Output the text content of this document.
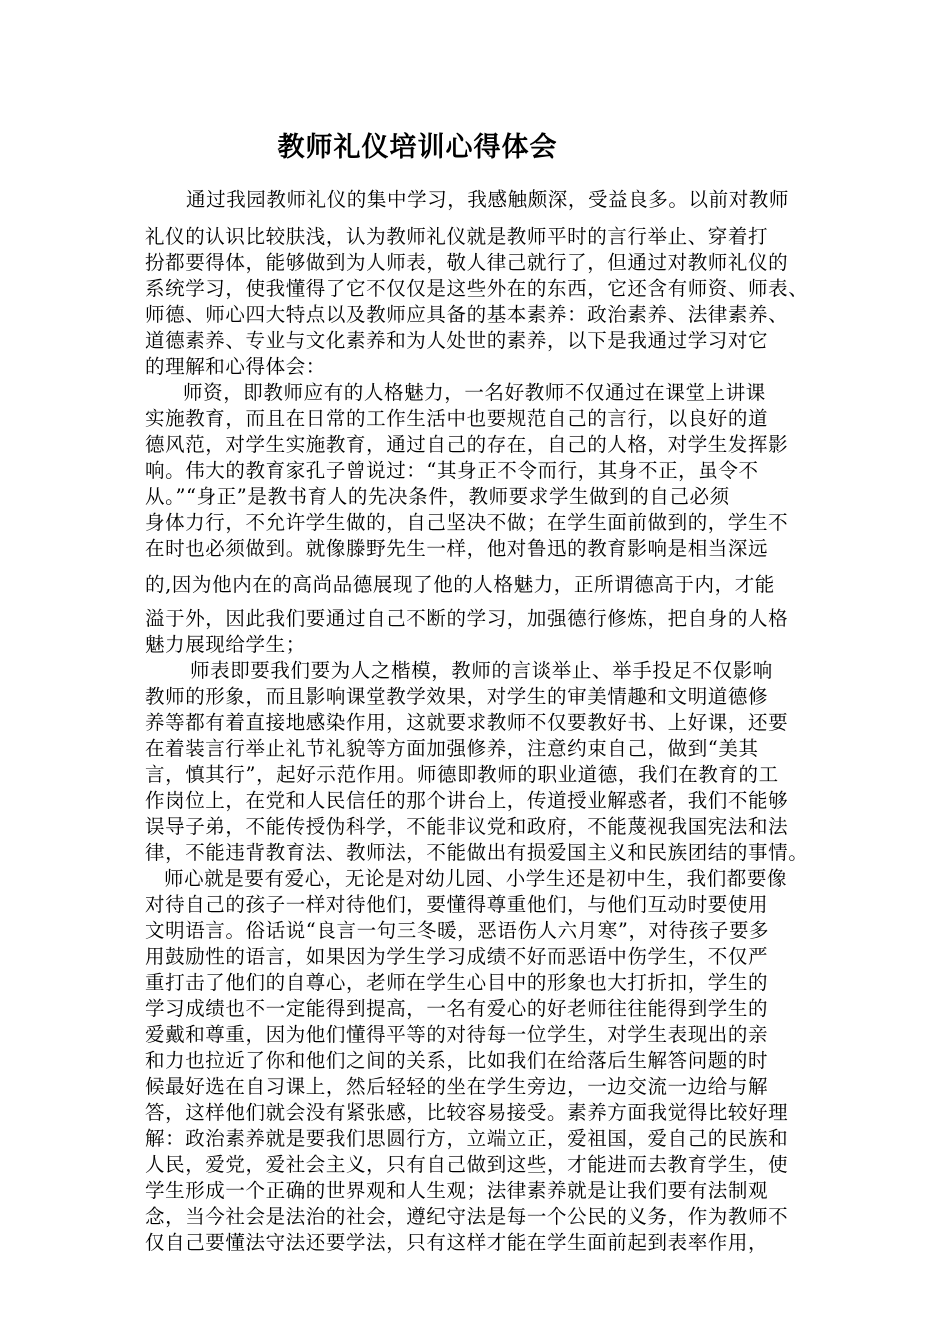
教师礼仪培训心得体会
通过我园教师礼仪的集中学习，我感触颇深，受益良多。以前对教师
礼仪的认识比较肤浅，认为教师礼仪就是教师平时的言行举止、穿着打
扮都要得体，能够做到为人师表，敬人律己就行了，但通过对教师礼仪的
系统学习，使我懂得了它不仅仅是这些外在的东西，它还含有师资、师表、
师德、师心四大特点以及教师应具备的基本素养：政治素养、法律素养、
道德素养、专业与文化素养和为人处世的素养，以下是我通过学习对它
的理解和心得体会：
师资，即教师应有的人格魅力，一名好教师不仅通过在课堂上讲课
实施教育，而且在日常的工作生活中也要规范自己的言行，以良好的道
德风范，对学生实施教育，通过自己的存在，自己的人格，对学生发挥影
响。伟大的教育家孔子曾说过：“其身正不令而行，其身不正，虽令不
从。”“身正”是教书育人的先决条件，教师要求学生做到的自己必须
身体力行，不允许学生做的，自己坚决不做；在学生面前做到的，学生不
在时也必须做到。就像滕野先生一样，他对鲁迅的教育影响是相当深远
的,因为他内在的高尚品德展现了他的人格魅力，正所谓德高于内，才能
溢于外，因此我们要通过自己不断的学习，加强德行修炼，把自身的人格
魅力展现给学生；
师表即要我们要为人之楷模，教师的言谈举止、举手投足不仅影响
教师的形象，而且影响课堂教学效果，对学生的审美情趣和文明道德修
养等都有着直接地感染作用，这就要求教师不仅要教好书、上好课，还要
在着装言行举止礼节礼貌等方面加强修养，注意约束自己，做到“美其
言，慎其行”，起好示范作用。师德即教师的职业道德，我们在教育的工
作岗位上，在党和人民信任的那个讲台上，传道授业解惑者，我们不能够
误导子弟，不能传授伪科学，不能非议党和政府，不能蔑视我国宪法和法
律，不能违背教育法、教师法，不能做出有损爱国主义和民族团结的事情。
师心就是要有爱心，无论是对幼儿园、小学生还是初中生，我们都要像
对待自己的孩子一样对待他们，要懂得尊重他们，与他们互动时要使用
文明语言。俗话说“良言一句三冬暖，恶语伤人六月寒”，对待孩子要多
用鼓励性的语言，如果因为学生学习成绩不好而恶语中伤学生，不仅严
重打击了他们的自尊心，老师在学生心目中的形象也大打折扣，学生的
学习成绩也不一定能得到提高，一名有爱心的好老师往往能得到学生的
爱戴和尊重，因为他们懂得平等的对待每一位学生，对学生表现出的亲
和力也拉近了你和他们之间的关系，比如我们在给落后生解答问题的时
候最好选在自习课上，然后轻轻的坐在学生旁边，一边交流一边给与解
答，这样他们就会没有紧张感，比较容易接受。素养方面我觉得比较好理
解：政治素养就是要我们思圆行方，立端立正，爱祖国，爱自己的民族和
人民，爱党，爱社会主义，只有自己做到这些，才能进而去教育学生，使
学生形成一个正确的世界观和人生观；法律素养就是让我们要有法制观
念，当今社会是法治的社会，遵纪守法是每一个公民的义务，作为教师不
仅自己要懂法守法还要学法，只有这样才能在学生面前起到表率作用，
